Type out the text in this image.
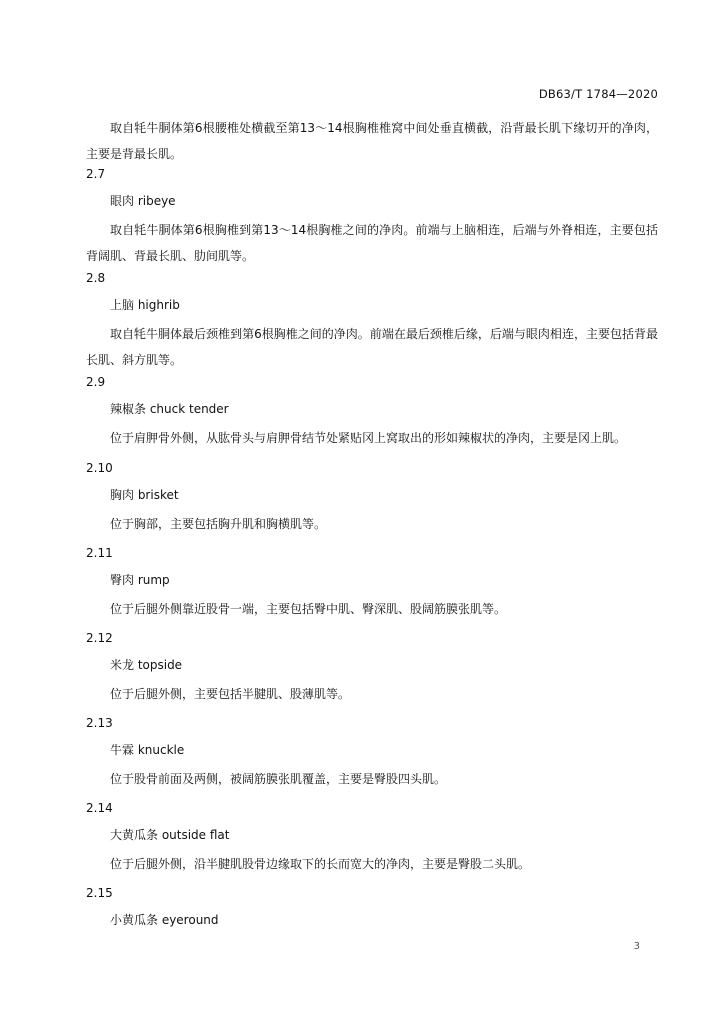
DB63/T 1784—2020
取自牦牛胴体第6根腰椎处横截至第13～14根胸椎椎窝中间处垂直横截，沿背最长肌下缘切开的净肉，主要是背最长肌。
2.7
眼肉 ribeye
取自牦牛胴体第6根胸椎到第13～14根胸椎之间的净肉。前端与上脑相连，后端与外脊相连，主要包括背阔肌、背最长肌、肋间肌等。
2.8
上脑 highrib
取自牦牛胴体最后颈椎到第6根胸椎之间的净肉。前端在最后颈椎后缘，后端与眼肉相连，主要包括背最长肌、斜方肌等。
2.9
辣椒条 chuck tender
位于肩胛骨外侧，从肱骨头与肩胛骨结节处紧贴冈上窝取出的形如辣椒状的净肉，主要是冈上肌。
2.10
胸肉 brisket
位于胸部，主要包括胸升肌和胸横肌等。
2.11
臀肉 rump
位于后腿外侧靠近股骨一端，主要包括臀中肌、臀深肌、股阔筋膜张肌等。
2.12
米龙 topside
位于后腿外侧，主要包括半腱肌、股薄肌等。
2.13
牛霖 knuckle
位于股骨前面及两侧，被阔筋膜张肌覆盖，主要是臀股四头肌。
2.14
大黄瓜条 outside flat
位于后腿外侧，沿半腱肌股骨边缘取下的长而宽大的净肉，主要是臀股二头肌。
2.15
小黄瓜条 eyeround
3
